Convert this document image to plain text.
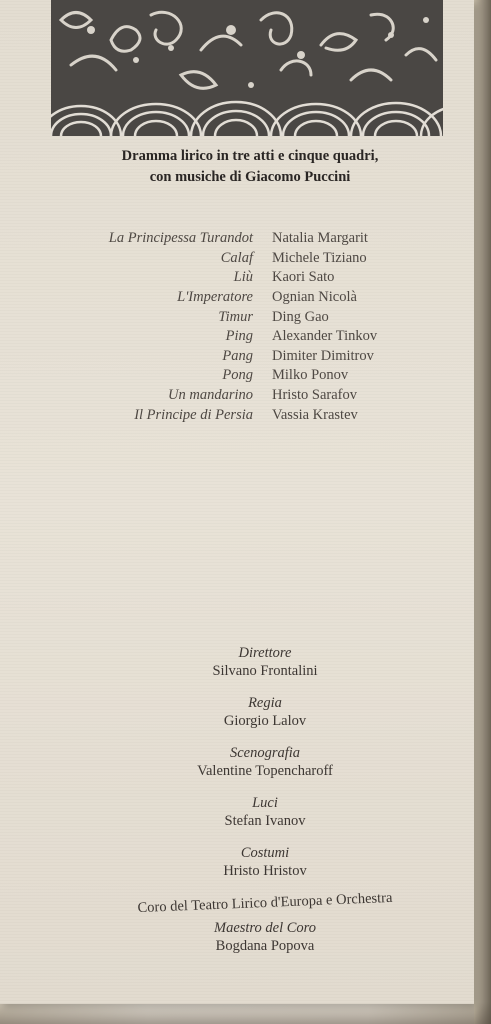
Dramma lirico in tre atti e cinque quadri,
con musiche di Giacomo Puccini
La Principessa Turandot	Natalia Margarit
Calaf	Michele Tiziano
Liù	Kaori Sato
L'Imperatore	Ognian Nicolà
Timur	Ding Gao
Ping	Alexander Tinkov
Pang	Dimiter Dimitrov
Pong	Milko Ponov
Un mandarino	Hristo Sarafov
Il Principe di Persia	Vassia Krastev
Direttore
Silvano Frontalini
Regia
Giorgio Lalov
Scenografia
Valentine Topencharoff
Luci
Stefan Ivanov
Costumi
Hristo Hristov
Coro del Teatro Lirico d'Europa e Orchestra
Maestro del Coro
Bogdana Popova
